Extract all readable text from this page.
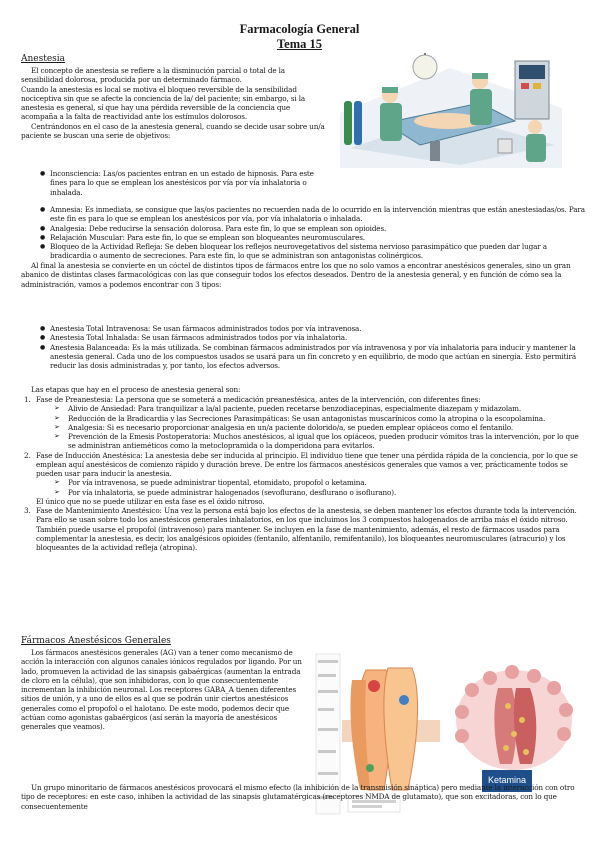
Farmacología General
Tema 15
Anestesia
El concepto de anestesia se refiere a la disminución parcial o total de la sensibilidad dolorosa, producida por un determinado fármaco.
Cuando la anestesia es local se motiva el bloqueo reversible de la sensibilidad nociceptiva sin que se afecte la conciencia de la/ del paciente; sin embargo, si la anestesia es general, sí que hay una pérdida reversible de la conciencia que acompaña a la falta de reactividad ante los estímulos dolorosos.
Centrándonos en el caso de la anestesia general, cuando se decide usar sobre un/a paciente se buscan una serie de objetivos:
● Inconsciencia: Las/os pacientes entran en un estado de hipnosis. Para este fines para lo que se emplean los anestésicos por vía por vía inhalatoria o inhalada.
● Amnesia: Es inmediata, se consigue que las/os pacientes no recuerden nada de lo ocurrido en la intervención mientras que están anestesiadas/os. Para este fin es para lo que se emplean los anestésicos por vía, por vía inhalatoria o inhalada.
● Analgesia: Debe reducirse la sensación dolorosa. Para este fin, lo que se emplean son opioides.
● Relajación Muscular: Para este fin, lo que se emplean son bloqueantes neuromusculares.
● Bloqueo de la Actividad Refleja: Se deben bloquear los reflejos neurovegetativos del sistema nervioso parasimpático que pueden dar lugar a bradicardia o aumento de secreciones. Para este fin, lo que se administran son antagonistas colinérgicos.
Al final la anestesia se convierte en un cóctel de distintos tipos de fármacos entre los que no solo vamos a encontrar anestésicos generales, sino un gran abanico de distintas clases farmacológicas con las que conseguir todos los efectos deseados. Dentro de la anestesia general, y en función de cómo sea la administración, vamos a podemos encontrar con 3 tipos:
● Anestesia Total Intravenosa: Se usan fármacos administrados todos por vía intravenosa.
● Anestesia Total Inhalada: Se usan fármacos administrados todos por vía inhalatoria.
● Anestesia Balanceada: Es la más utilizada. Se combinan fármacos administrados por vía intravenosa y por vía inhalatoria para inducir y mantener la anestesia general. Cada uno de los compuestos usados se usará para un fin concreto y en equilibrio, de modo que actúan en sinergia. Esto permitirá reducir las dosis administradas y, por tanto, los efectos adversos.
Las etapas que hay en el proceso de anestesia general son:
1. Fase de Preanestesia: La persona que se someterá a medicación preanestésica, antes de la intervención, con diferentes fines:
➢ Alivio de Ansiedad: Para tranquilizar a la/al paciente, pueden recetarse benzodiacepinas, especialmente diazepam y midazolam.
➢ Reducción de la Bradicardia y las Secreciones Parasimpáticas: Se usan antagonistas muscarínicos como la atropina o la escopolamina.
➢ Analgesia: Si es necesario proporcionar analgesia en un/a paciente dolorido/a, se pueden emplear opiáceos como el fentanilo.
➢ Prevención de la Emesis Postoperatoria: Muchos anestésicos, al igual que los opiáceos, pueden producir vómitos tras la intervención, por lo que se administran antieméticos como la metoclopramida o la domperidona para evitarlos.
2. Fase de Inducción Anestésica: La anestesia debe ser inducida al principio. El individuo tiene que tener una pérdida rápida de la conciencia, por lo que se emplean aquí anestésicos de comienzo rápido y duración breve. De entre los fármacos anestésicos generales que vamos a ver, prácticamente todos se pueden usar para inducir la anestesia.
➢ Por vía intravenosa, se puede administrar tiopental, etomidato, propofol o ketamina.
➢ Por vía inhalatoria, se puede administrar halogenados (sevoflurano, desflurano o isoflurano).
El único que no se puede utilizar en esta fase es el óxido nitroso.
3. Fase de Mantenimiento Anestésico: Una vez la persona está bajo los efectos de la anestesia, se deben mantener los efectos durante toda la intervención. Para ello se usan sobre todo los anestésicos generales inhalatorios, en los que incluimos los 3 compuestos halogenados de arriba más el óxido nitroso. También puede usarse el propofol (intravenoso) para mantener. Se incluyen en la fase de mantenimiento, además, el resto de fármacos usados para complementar la anestesia, es decir, los analgésicos opioides (fentanilo, alfentanilo, remifentanilo), los bloqueantes neuromusculares (atracurio) y los bloqueantes de la actividad refleja (atropina).
Fármacos Anestésicos Generales
Los fármacos anestésicos generales (AG) van a tener como mecanismo de acción la interacción con algunos canales iónicos regulados por ligando. Por un lado, promueven la actividad de las sinapsis gabaérgicas (aumentan la entrada de cloro en la célula), que son inhibidoras, con lo que consecuentemente incrementan la inhibición neuronal. Los receptores GABA_A tienen diferentes sitios de unión, y a uno de ellos es al que se podrán unir ciertos anestésicos generales como el propofol o el halotano. De este modo, podemos decir que actúan como agonistas gabaérgicos (así serán la mayoría de anestésicos generales que veamos).
Ketamina
Un grupo minoritario de fármacos anestésicos provocará el mismo efecto (la inhibición de la transmisión sináptica) pero mediante la interacción con otro tipo de receptores: en este caso, inhiben la actividad de las sinapsis glutamatérgicas (receptores NMDA de glutamato), que son excitadoras, con lo que consecuentemente
